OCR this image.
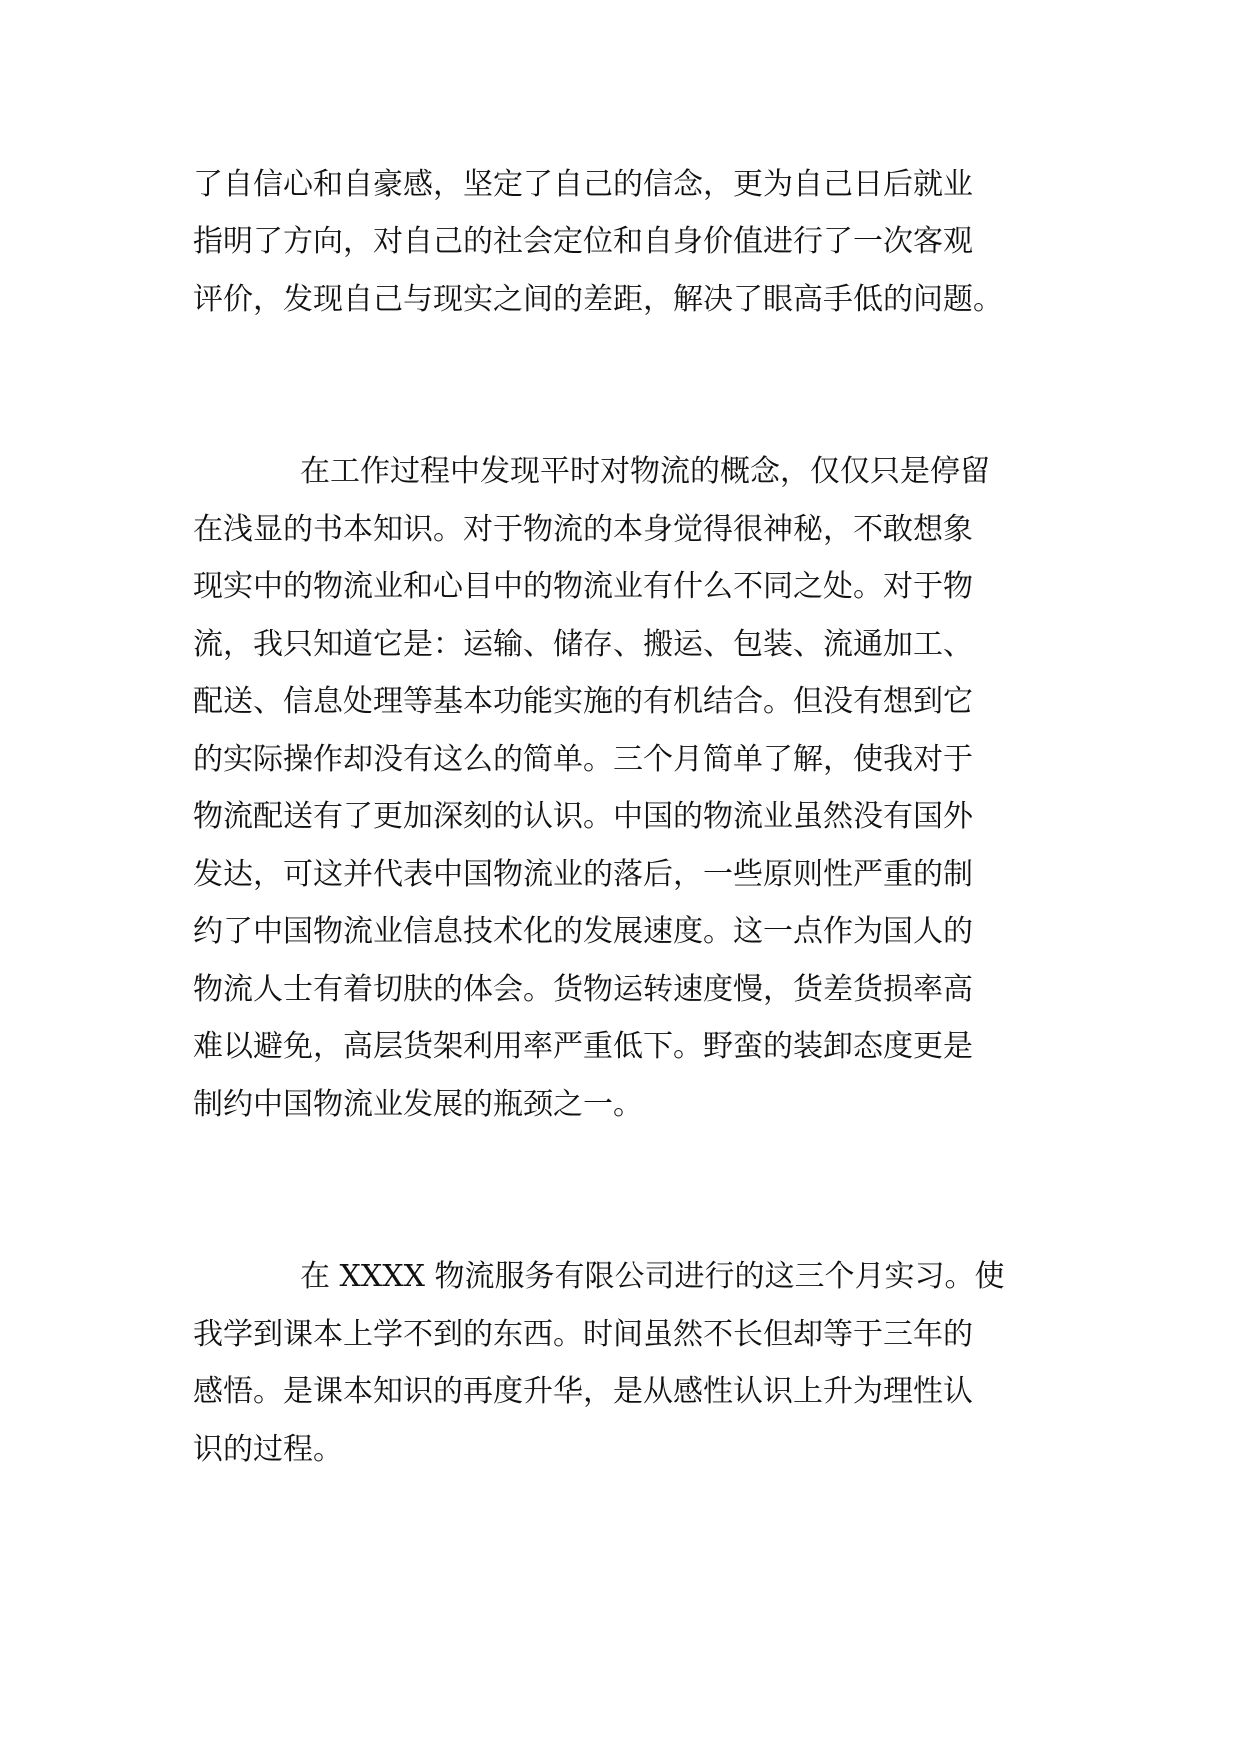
了自信心和自豪感，坚定了自己的信念，更为自己日后就业

指明了方向，对自己的社会定位和自身价值进行了一次客观

评价，发现自己与现实之间的差距，解决了眼高手低的问题。

在工作过程中发现平时对物流的概念，仅仅只是停留

在浅显的书本知识。对于物流的本身觉得很神秘，不敢想象

现实中的物流业和心目中的物流业有什么不同之处。对于物

流，我只知道它是：运输、储存、搬运、包装、流通加工、

配送、信息处理等基本功能实施的有机结合。但没有想到它

的实际操作却没有这么的简单。三个月简单了解，使我对于

物流配送有了更加深刻的认识。中国的物流业虽然没有国外

发达，可这并代表中国物流业的落后，一些原则性严重的制

约了中国物流业信息技术化的发展速度。这一点作为国人的

物流人士有着切肤的体会。货物运转速度慢，货差货损率高

难以避免，高层货架利用率严重低下。野蛮的装卸态度更是

制约中国物流业发展的瓶颈之一。

在 XXXX 物流服务有限公司进行的这三个月实习。使

我学到课本上学不到的东西。时间虽然不长但却等于三年的

感悟。是课本知识的再度升华，是从感性认识上升为理性认

识的过程。
